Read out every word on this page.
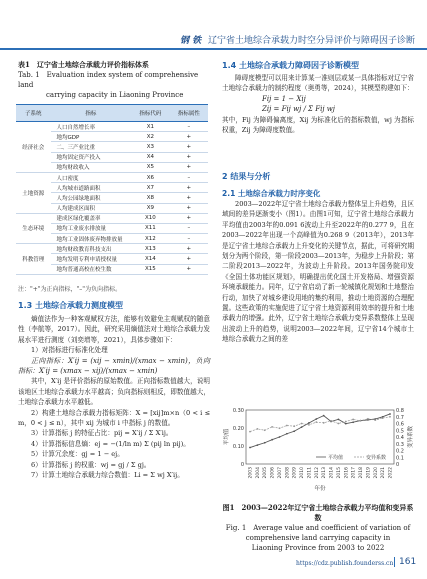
钢 铁 辽宁省土地综合承载力时空分异评价与障碍因子诊断
表1　辽宁省土地综合承载力评价指标体系
Tab. 1　Evaluation index system of comprehensive land
carrying capacity in Liaoning Province
子系统	指标	指标代码	指标属性
经济社会	人口自然增长率	X1	–
	地均GDP	X2	+
	二、三产业比重	X3	+
	地均固定资产投入	X4	+
	地均财政收入	X5	+
土地资源	人口密度	X6	–
	人均城市道路面积	X7	+
	人均公园绿地面积	X8	+
	人均建成区面积	X9	+
生态环境	建成区绿化覆盖率	X10	+
	地均工业废水排放量	X11	–
	地均工业固体废弃物排放量	X12	–
科教管理	地均财政教育科技支出	X13	+
	地均发明专利申请授权量	X14	+
	地均普通高校在校生数	X15	+
注："+"为正向指标，"–"为负向指标。
1.3 土地综合承载力测度模型
熵值法作为一种客观赋权方法，能够有效避免主观赋权的随意性（李航等，2017）。因此，研究采用熵值法对土地综合承载力发展水平进行测度（刘奕增等，2021），具体步骤如下：
1）对指标进行标准化处理
正向指标：X′ij = (xij − xmin)/(xmax − xmin)，负向指标：X′ij = (xmax − xij)/(xmax − xmin)
其中，X′ij 是评价指标的原始数值。正向指标数值越大，说明该地区土地综合承载力水平越高；负向指标则相反，即数值越大，土地综合承载力水平越低。
2）构建土地综合承载力指标矩阵：X = [xij]m×n（0 < i ≤ m，0 < j ≤ n），其中 xij 为城市 i 中指标 j 的数值。
3）计算指标 j 的特征占比：pij = X′ij / Σ X′ij。
4）计算指标信息熵：ej = −(1/ln m) Σ (pij ln pij)。
5）计算冗余度：gj = 1 − ej。
6）计算指标 j 的权重：wj = gj / Σ gj。
7）计算土地综合承载力综合数值：Li = Σ wj X′ij。
1.4 土地综合承载力障碍因子诊断模型
障碍度模型可以用来计算某一准则层或某一具体指标对辽宁省土地综合承载力的制约程度（奥勇等，2024），其模型构建如下：
Fij = 1 − Xij
Zij = Fij wj / Σ Fij wj
其中，Fij 为障碍偏离度，Xij 为标准化后的指标数值，wj 为指标权重，Zij 为障碍度数值。
2 结果与分析
2.1 土地综合承载力时序变化
2003—2022年辽宁省土地综合承载力整体呈上升趋势，且区域间的差异逐渐变小（图1）。由图1可知，辽宁省土地综合承载力平均值由2003年的0.091 6波动上升至2022年的0.277 9，且在2003—2022年出现一个高峰值为0.268 9（2013年），2013年是辽宁省土地综合承载力上升变化的关键节点，据此，可将研究期划分为两个阶段，第一阶段2003—2013年，为稳步上升阶段；第二阶段2013—2022年，为波动上升阶段。2013年国务院印发《全国土体功能区规划》，明确提出优化国土开发格局、增强资源环境承载能力。同年，辽宁省启动了新一轮城镇化规划和土地整治行动，加快了对城乡建设用地的集约利用，推动土地资源的合理配置。这些政策的实施促进了辽宁省土地资源利用效率的提升和土地承载力的增强。此外，辽宁省土地综合承载力变异系数整体上呈现出波动上升的趋势，说明2003—2022年间，辽宁省14个城市土地综合承载力之间的差
0
0.10
0.20
0.30
0
0.1
0.2
0.3
0.4
0.5
0.6
0.7
0.8
2003 2004 2005 2006 2007 2008 2009 2010 2011 2012 2013 2014 2015 2016 2017 2018 2019 2020 2021 2022
年份
平均值	变异系数
平均值	变异系数
图1　2003—2022年辽宁省土地综合承载力平均值和变异系数
Fig. 1　Average value and coefficient of variation of
comprehensive land carrying capacity in
Liaoning Province from 2003 to 2022
https://cdz.publish.founderss.cn 161
